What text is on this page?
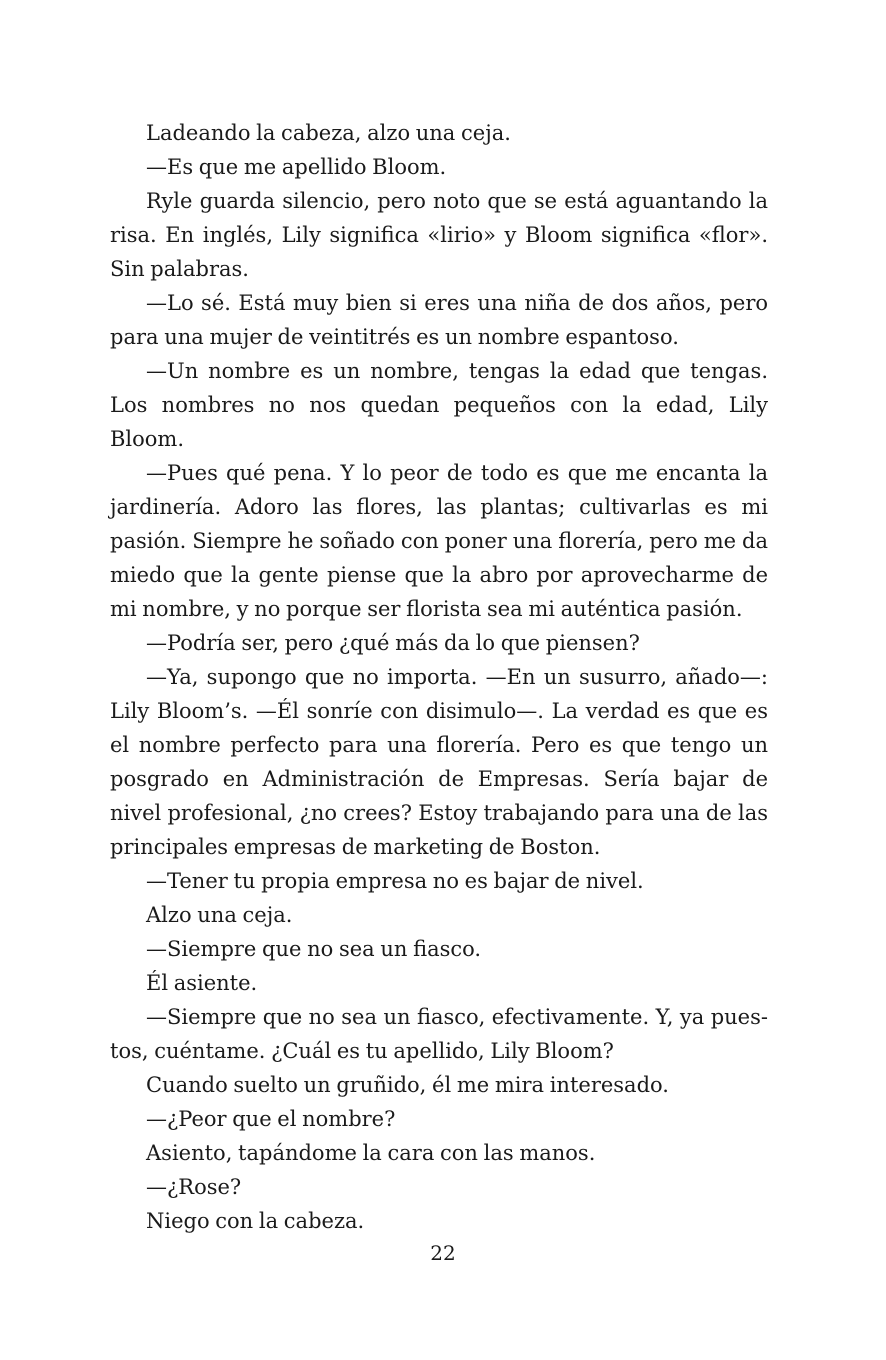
Ladeando la cabeza, alzo una ceja.

—Es que me apellido Bloom.

Ryle guarda silencio, pero noto que se está aguantando la risa. En inglés, Lily significa «lirio» y Bloom significa «flor». Sin palabras.

—Lo sé. Está muy bien si eres una niña de dos años, pero para una mujer de veintitrés es un nombre espantoso.

—Un nombre es un nombre, tengas la edad que tengas. Los nombres no nos quedan pequeños con la edad, Lily Bloom.

—Pues qué pena. Y lo peor de todo es que me encanta la jardinería. Adoro las flores, las plantas; cultivarlas es mi pasión. Siempre he soñado con poner una florería, pero me da miedo que la gente piense que la abro por aprovecharme de mi nombre, y no porque ser florista sea mi auténtica pasión.

—Podría ser, pero ¿qué más da lo que piensen?

—Ya, supongo que no importa. —En un susurro, añado—: Lily Bloom’s. —Él sonríe con disimulo—. La verdad es que es el nombre perfecto para una florería. Pero es que tengo un posgrado en Administración de Empresas. Sería bajar de nivel profesional, ¿no crees? Estoy trabajando para una de las principales empresas de marketing de Boston.

—Tener tu propia empresa no es bajar de nivel.

Alzo una ceja.

—Siempre que no sea un fiasco.

Él asiente.

—Siempre que no sea un fiasco, efectivamente. Y, ya puestos, cuéntame. ¿Cuál es tu apellido, Lily Bloom?

Cuando suelto un gruñido, él me mira interesado.

—¿Peor que el nombre?

Asiento, tapándome la cara con las manos.

—¿Rose?

Niego con la cabeza.

22
